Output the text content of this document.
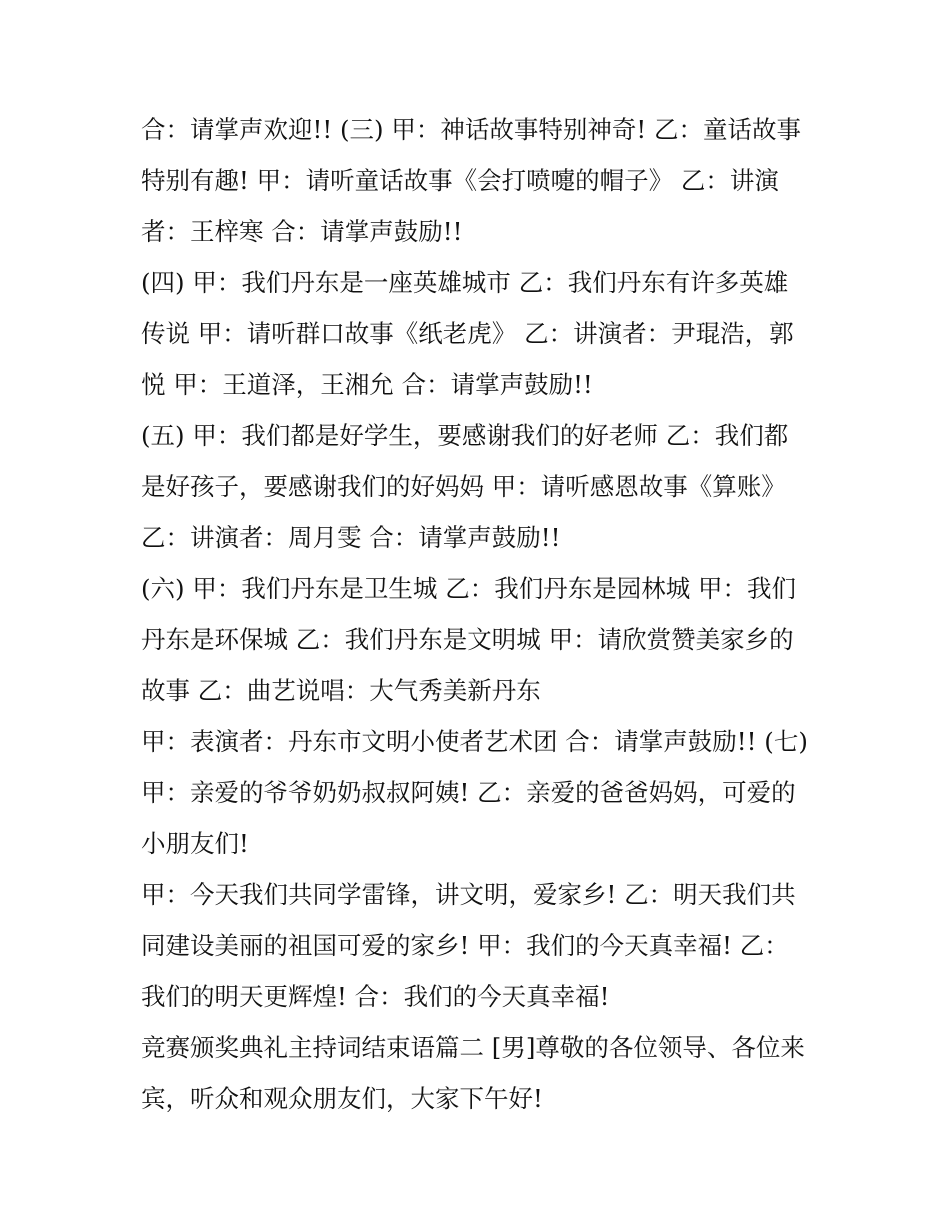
合：请掌声欢迎!! (三) 甲：神话故事特别神奇! 乙：童话故事
特别有趣! 甲：请听童话故事《会打喷嚏的帽子》 乙：讲演
者：王梓寒 合：请掌声鼓励!!
(四) 甲：我们丹东是一座英雄城市 乙：我们丹东有许多英雄
传说 甲：请听群口故事《纸老虎》 乙：讲演者：尹琨浩，郭
悦 甲：王道泽，王湘允 合：请掌声鼓励!!
(五) 甲：我们都是好学生，要感谢我们的好老师 乙：我们都
是好孩子，要感谢我们的好妈妈 甲：请听感恩故事《算账》
乙：讲演者：周月雯 合：请掌声鼓励!!
(六) 甲：我们丹东是卫生城 乙：我们丹东是园林城 甲：我们
丹东是环保城 乙：我们丹东是文明城 甲：请欣赏赞美家乡的
故事 乙：曲艺说唱：大气秀美新丹东
甲：表演者：丹东市文明小使者艺术团 合：请掌声鼓励!! (七)
甲：亲爱的爷爷奶奶叔叔阿姨! 乙：亲爱的爸爸妈妈，可爱的
小朋友们!
甲：今天我们共同学雷锋，讲文明，爱家乡! 乙：明天我们共
同建设美丽的祖国可爱的家乡! 甲：我们的今天真幸福! 乙：
我们的明天更辉煌! 合：我们的今天真幸福!
竞赛颁奖典礼主持词结束语篇二 [男]尊敬的各位领导、各位来
宾，听众和观众朋友们，大家下午好!
